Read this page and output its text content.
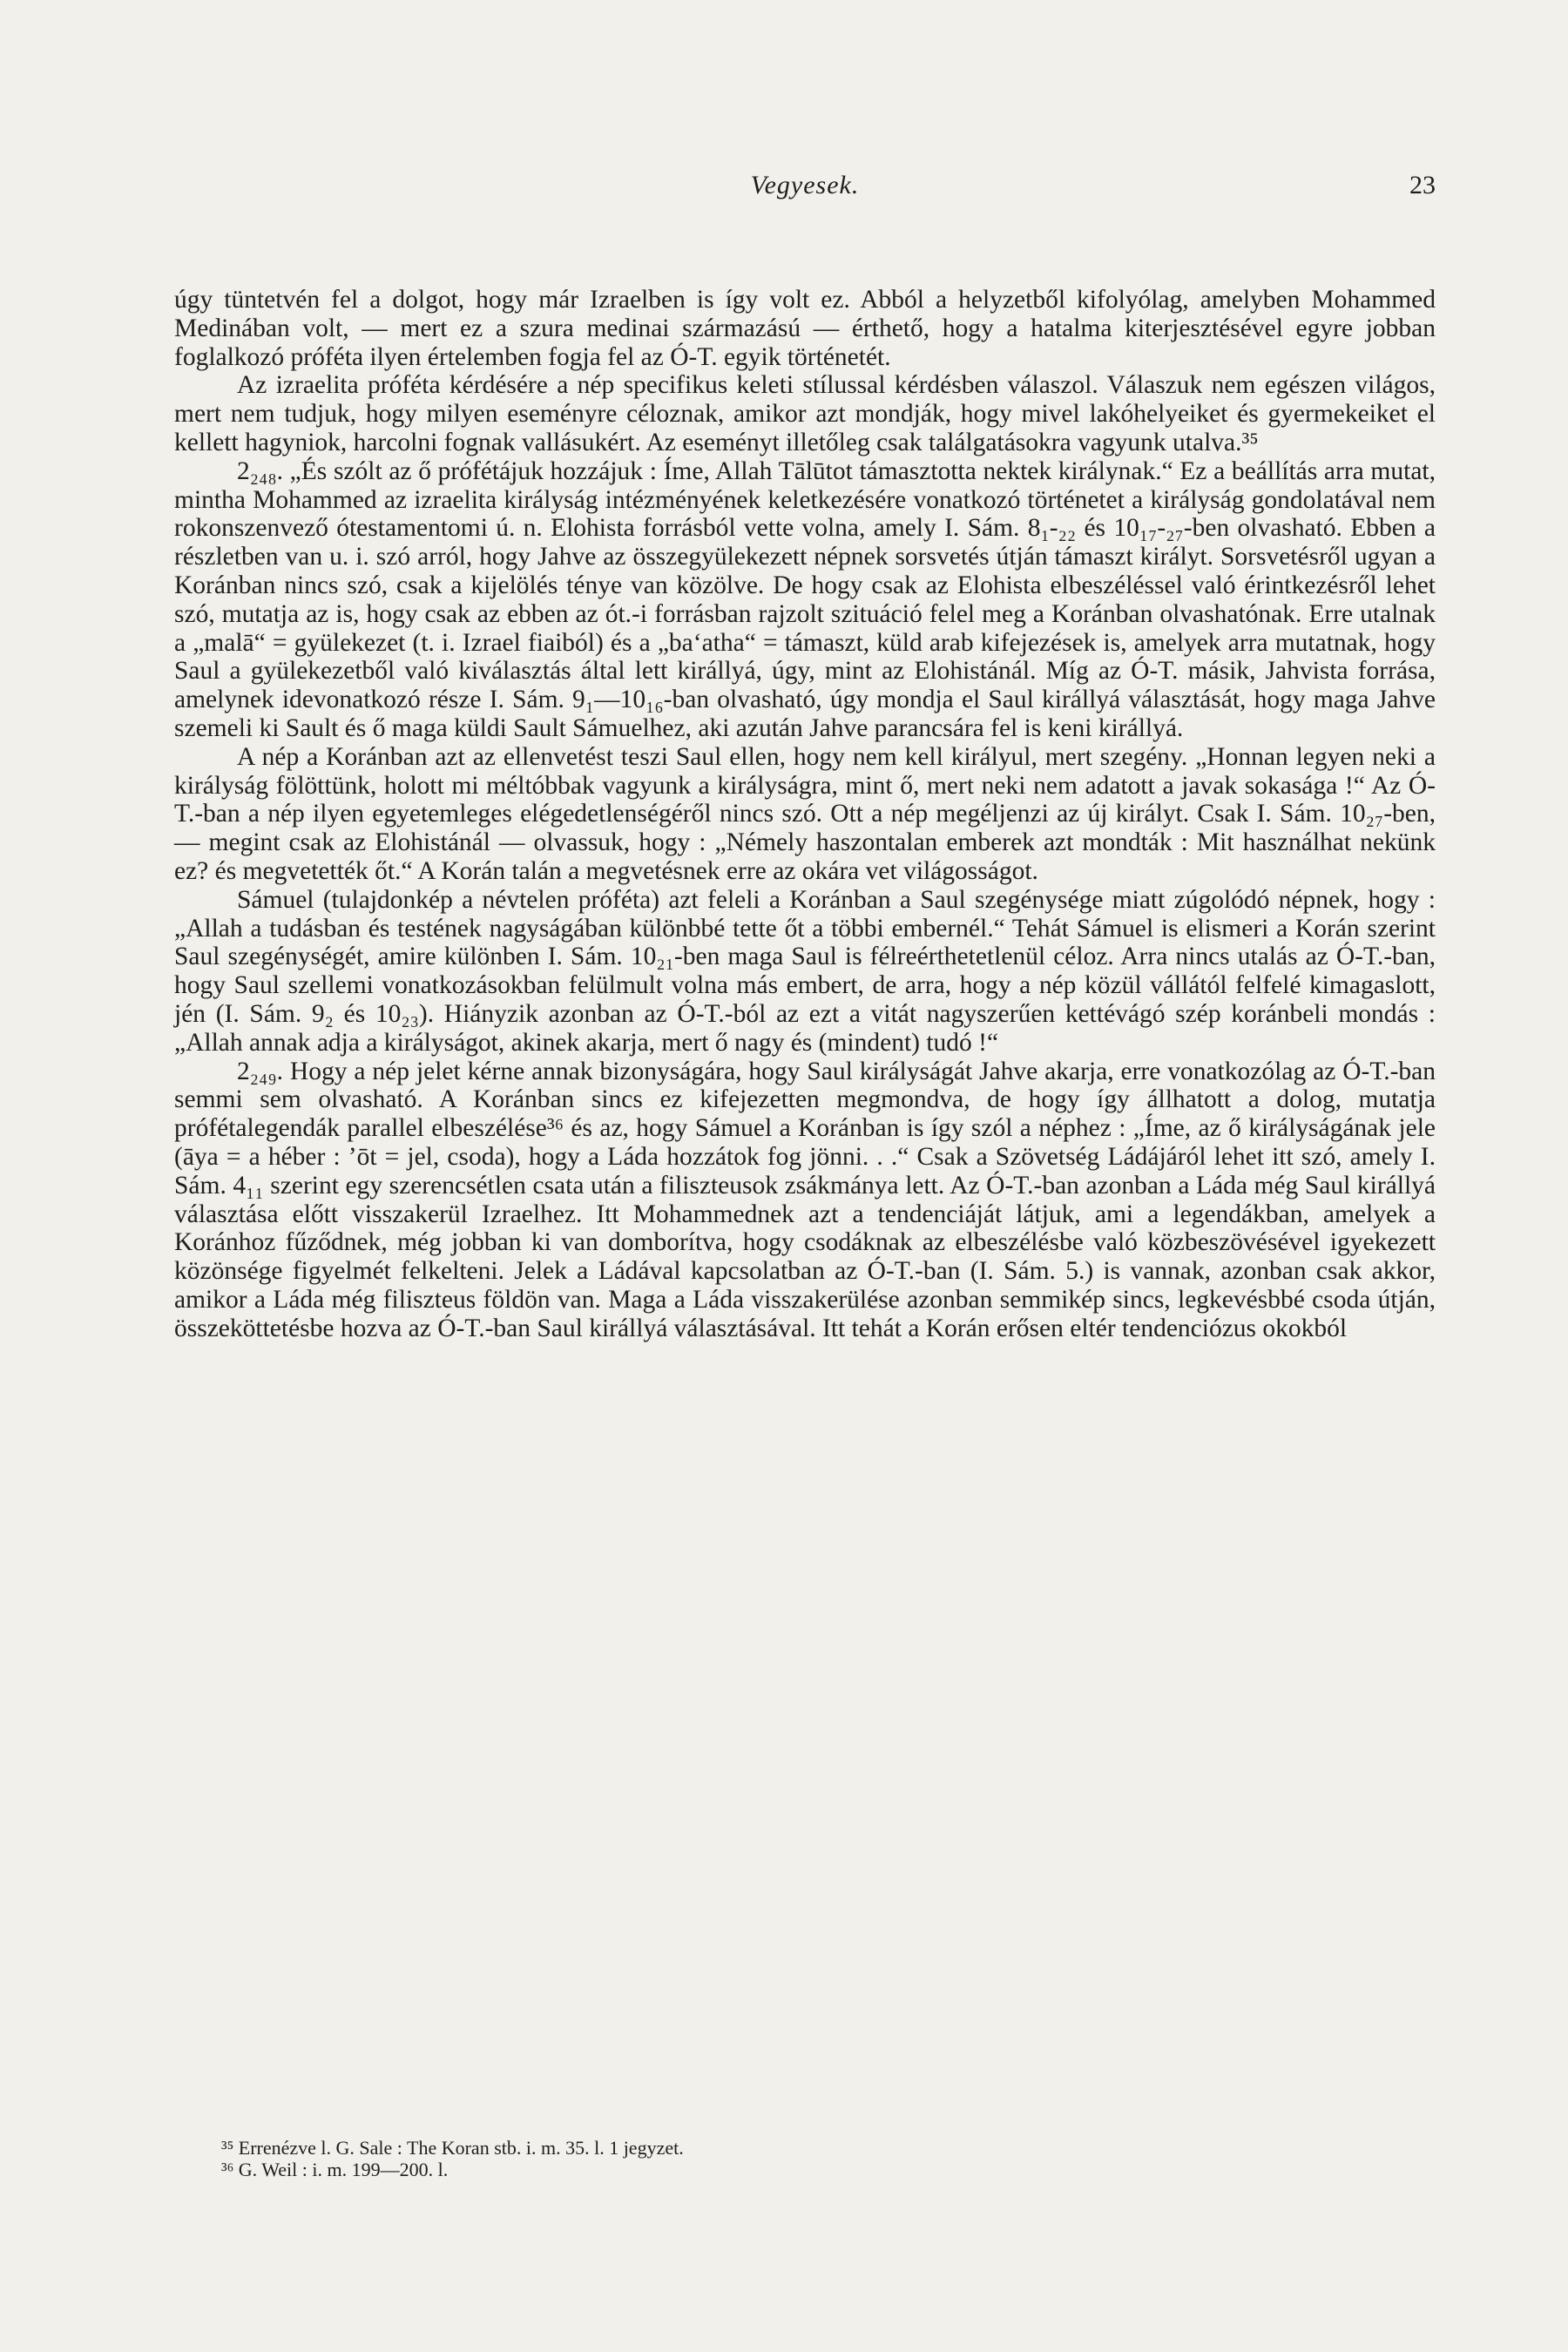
Vegyesek.	23

úgy tüntetvén fel a dolgot, hogy már Izraelben is így volt ez. Abból a helyzetből kifolyólag, amelyben Mohammed Medinában volt, — mert ez a szura medinai származású — érthető, hogy a hatalma kiterjesztésével egyre jobban foglalkozó próféta ilyen értelemben fogja fel az Ó-T. egyik történetét.

Az izraelita próféta kérdésére a nép specifikus keleti stílussal kérdésben válaszol. Válaszuk nem egészen világos, mert nem tudjuk, hogy milyen eseményre céloznak, amikor azt mondják, hogy mivel lakóhelyeiket és gyermekeiket el kellett hagyniok, harcolni fognak vallásukért. Az eseményt illetőleg csak találgatásokra vagyunk utalva.³⁵

2₂₄₈. „És szólt az ő prófétájuk hozzájuk : Íme, Allah Tālūtot támasztotta nektek királynak.“ Ez a beállítás arra mutat, mintha Mohammed az izraelita királyság intézményének keletkezésére vonatkozó történetet a királyság gondolatával nem rokonszenvező ótestamentomi ú. n. Elohista forrásból vette volna, amely I. Sám. 8₁-₂₂ és 10₁₇-₂₇-ben olvasható. Ebben a részletben van u. i. szó arról, hogy Jahve az összegyülekezett népnek sorsvetés útján támaszt királyt. Sorsvetésről ugyan a Koránban nincs szó, csak a kijelölés ténye van közölve. De hogy csak az Elohista elbeszéléssel való érintkezésről lehet szó, mutatja az is, hogy csak az ebben az ót.-i forrásban rajzolt szituáció felel meg a Koránban olvashatónak. Erre utalnak a „malā“ = gyülekezet (t. i. Izrael fiaiból) és a „ba‘atha“ = támaszt, küld arab kifejezések is, amelyek arra mutatnak, hogy Saul a gyülekezetből való kiválasztás által lett királlyá, úgy, mint az Elohistánál. Míg az Ó-T. másik, Jahvista forrása, amelynek idevonatkozó része I. Sám. 9₁—10₁₆-ban olvasható, úgy mondja el Saul királlyá választását, hogy maga Jahve szemeli ki Sault és ő maga küldi Sault Sámuelhez, aki azután Jahve parancsára fel is keni királlyá.

A nép a Koránban azt az ellenvetést teszi Saul ellen, hogy nem kell királyul, mert szegény. „Honnan legyen neki a királyság fölöttünk, holott mi méltóbbak vagyunk a királyságra, mint ő, mert neki nem adatott a javak sokasága !“ Az Ó-T.-ban a nép ilyen egyetemleges elégedetlenségéről nincs szó. Ott a nép megéljenzi az új királyt. Csak I. Sám. 10₂₇-ben, — megint csak az Elohistánál — olvassuk, hogy : „Némely haszontalan emberek azt mondták : Mit használhat nekünk ez? és megvetették őt.“ A Korán talán a megvetésnek erre az okára vet világosságot.

Sámuel (tulajdonkép a névtelen próféta) azt feleli a Koránban a Saul szegénysége miatt zúgolódó népnek, hogy : „Allah a tudásban és testének nagyságában különbbé tette őt a többi embernél.“ Tehát Sámuel is elismeri a Korán szerint Saul szegénységét, amire különben I. Sám. 10₂₁-ben maga Saul is félreérthetetlenül céloz. Arra nincs utalás az Ó-T.-ban, hogy Saul szellemi vonatkozásokban felülmult volna más embert, de arra, hogy a nép közül vállától felfelé kimagaslott, jén (I. Sám. 9₂ és 10₂₃). Hiányzik azonban az Ó-T.-ból az ezt a vitát nagyszerűen kettévágó szép koránbeli mondás : „Allah annak adja a királyságot, akinek akarja, mert ő nagy és (mindent) tudó !“

2₂₄₉. Hogy a nép jelet kérne annak bizonyságára, hogy Saul királyságát Jahve akarja, erre vonatkozólag az Ó-T.-ban semmi sem olvasható. A Koránban sincs ez kifejezetten megmondva, de hogy így állhatott a dolog, mutatja prófétalegendák parallel elbeszélése³⁶ és az, hogy Sámuel a Koránban is így szól a néphez : „Íme, az ő királyságának jele (āya = a héber : ’ōt = jel, csoda), hogy a Láda hozzátok fog jönni. . .“ Csak a Szövetség Ládájáról lehet itt szó, amely I. Sám. 4₁₁ szerint egy szerencsétlen csata után a filiszteusok zsákmánya lett. Az Ó-T.-ban azonban a Láda még Saul királlyá választása előtt visszakerül Izraelhez. Itt Mohammednek azt a tendenciáját látjuk, ami a legendákban, amelyek a Koránhoz fűződnek, még jobban ki van domborítva, hogy csodáknak az elbeszélésbe való közbeszövésével igyekezett közönsége figyelmét felkelteni. Jelek a Ládával kapcsolatban az Ó-T.-ban (I. Sám. 5.) is vannak, azonban csak akkor, amikor a Láda még filiszteus földön van. Maga a Láda visszakerülése azonban semmikép sincs, legkevésbbé csoda útján, összeköttetésbe hozva az Ó-T.-ban Saul királlyá választásával. Itt tehát a Korán erősen eltér tendenciózus okokból

³⁵ Errenézve l. G. Sale : The Koran stb. i. m. 35. l. 1 jegyzet.
³⁶ G. Weil : i. m. 199—200. l.
